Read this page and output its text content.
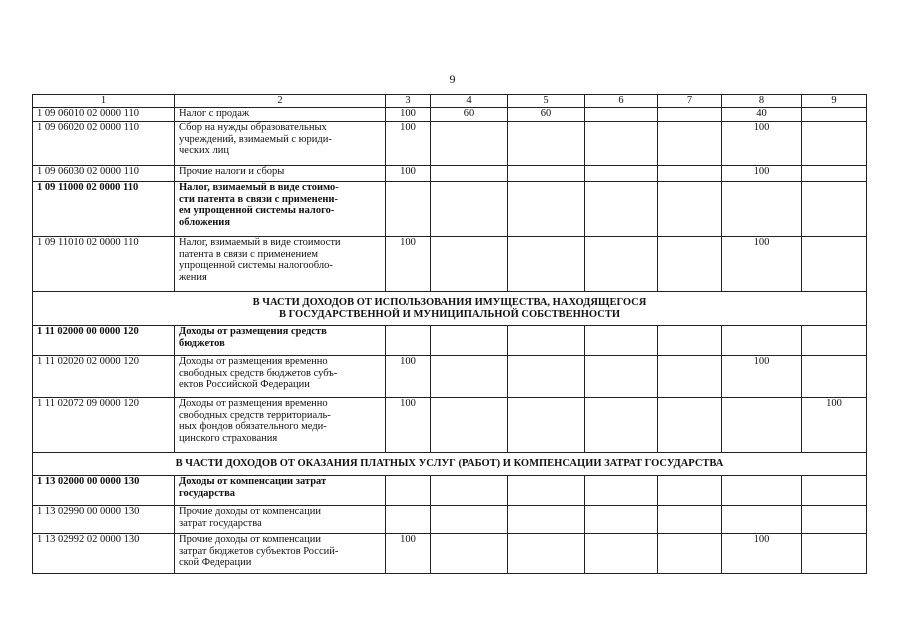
9
1	2	3	4	5	6	7	8	9
1 09 06010 02 0000 110	Налог с продаж	100	60	60			40	
1 09 06020 02 0000 110	Сбор на нужды образовательных
учреждений, взимаемый с юриди-
ческих лиц	100					100	
1 09 06030 02 0000 110	Прочие налоги и сборы	100					100	
1 09 11000 02 0000 110	Налог, взимаемый в виде стоимо-
сти патента в связи с применени-
ем упрощенной системы налого-
обложения							
1 09 11010 02 0000 110	Налог, взимаемый в виде стоимости
патента в связи с применением
упрощенной системы налогообло-
жения	100					100	
В ЧАСТИ ДОХОДОВ ОТ ИСПОЛЬЗОВАНИЯ ИМУЩЕСТВА, НАХОДЯЩЕГОСЯ
В ГОСУДАРСТВЕННОЙ И МУНИЦИПАЛЬНОЙ СОБСТВЕННОСТИ								
1 11 02000 00 0000 120	Доходы от размещения средств
бюджетов							
1 11 02020 02 0000 120	Доходы от размещения временно
свободных средств бюджетов субъ-
ектов Российской Федерации	100					100	
1 11 02072 09 0000 120	Доходы от размещения временно
свободных средств территориаль-
ных фондов обязательного меди-
цинского страхования	100						100
В ЧАСТИ ДОХОДОВ ОТ ОКАЗАНИЯ ПЛАТНЫХ УСЛУГ (РАБОТ) И КОМПЕНСАЦИИ ЗАТРАТ ГОСУДАРСТВА								
1 13 02000 00 0000 130	Доходы от компенсации затрат
государства							
1 13 02990 00 0000 130	Прочие доходы от компенсации
затрат государства							
1 13 02992 02 0000 130	Прочие доходы от компенсации
затрат бюджетов субъектов Россий-
ской Федерации	100					100	
